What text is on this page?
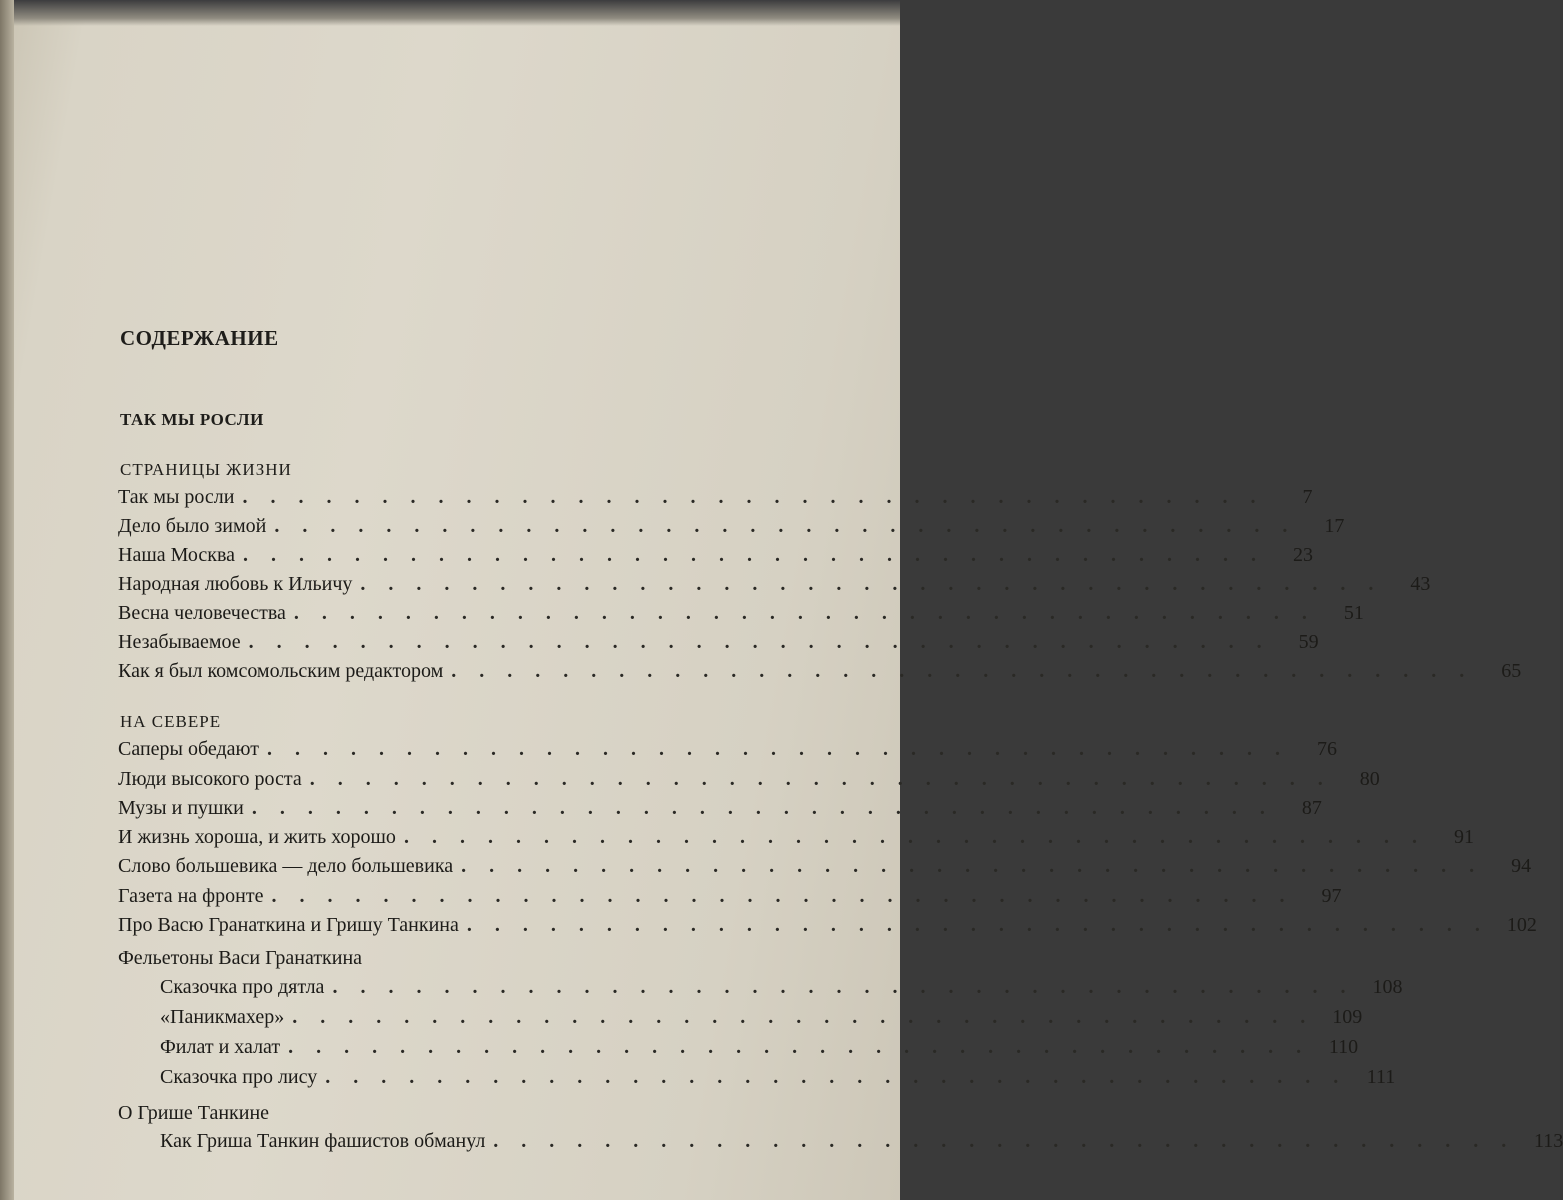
СОДЕРЖАНИЕ
ТАК МЫ РОСЛИ
СТРАНИЦЫ ЖИЗНИ
Так мы росли . . . . . . . . . . . . . . . . . . . . . . . . . . . . . . . . . . . . .	7
Дело было зимой . . . . . . . . . . . . . . . . . . . . . . . . . . . . . . . . . . . . .	17
Наша Москва . . . . . . . . . . . . . . . . . . . . . . . . . . . . . . . . . . . . .	23
Народная любовь к Ильичу . . . . . . . . . . . . . . . . . . . . . . . . . . . . . . . . . . . . .	43
Весна человечества . . . . . . . . . . . . . . . . . . . . . . . . . . . . . . . . . . . . .	51
Незабываемое . . . . . . . . . . . . . . . . . . . . . . . . . . . . . . . . . . . . .	59
Как я был комсомольским редактором . . . . . . . . . . . . . . . . . . . . . . . . . . . . . . . . . . . . .	65
НА СЕВЕРЕ
Саперы обедают . . . . . . . . . . . . . . . . . . . . . . . . . . . . . . . . . . . . .	76
Люди высокого роста . . . . . . . . . . . . . . . . . . . . . . . . . . . . . . . . . . . . .	80
Музы и пушки . . . . . . . . . . . . . . . . . . . . . . . . . . . . . . . . . . . . .	87
И жизнь хороша, и жить хорошо . . . . . . . . . . . . . . . . . . . . . . . . . . . . . . . . . . . . .	91
Слово большевика — дело большевика . . . . . . . . . . . . . . . . . . . . . . . . . . . . . . . . . . . . .	94
Газета на фронте . . . . . . . . . . . . . . . . . . . . . . . . . . . . . . . . . . . . .	97
Про Васю Гранаткина и Гришу Танкина . . . . . . . . . . . . . . . . . . . . . . . . . . . . . . . . . . . . . 102
Фельетоны Васи Гранаткина
Сказочка про дятла . . . . . . . . . . . . . . . . . . . . . . . . . . . . . . . . . . . . . 108
«Паникмахер» . . . . . . . . . . . . . . . . . . . . . . . . . . . . . . . . . . . . . 109
Филат и халат . . . . . . . . . . . . . . . . . . . . . . . . . . . . . . . . . . . . . 110
Сказочка про лису . . . . . . . . . . . . . . . . . . . . . . . . . . . . . . . . . . . . . 111
О Грише Танкине
Как Гриша Танкин фашистов обманул . . . . . . . . . . . . . . . . . . . . . . . . . . . . . . . . . . . . . 113
